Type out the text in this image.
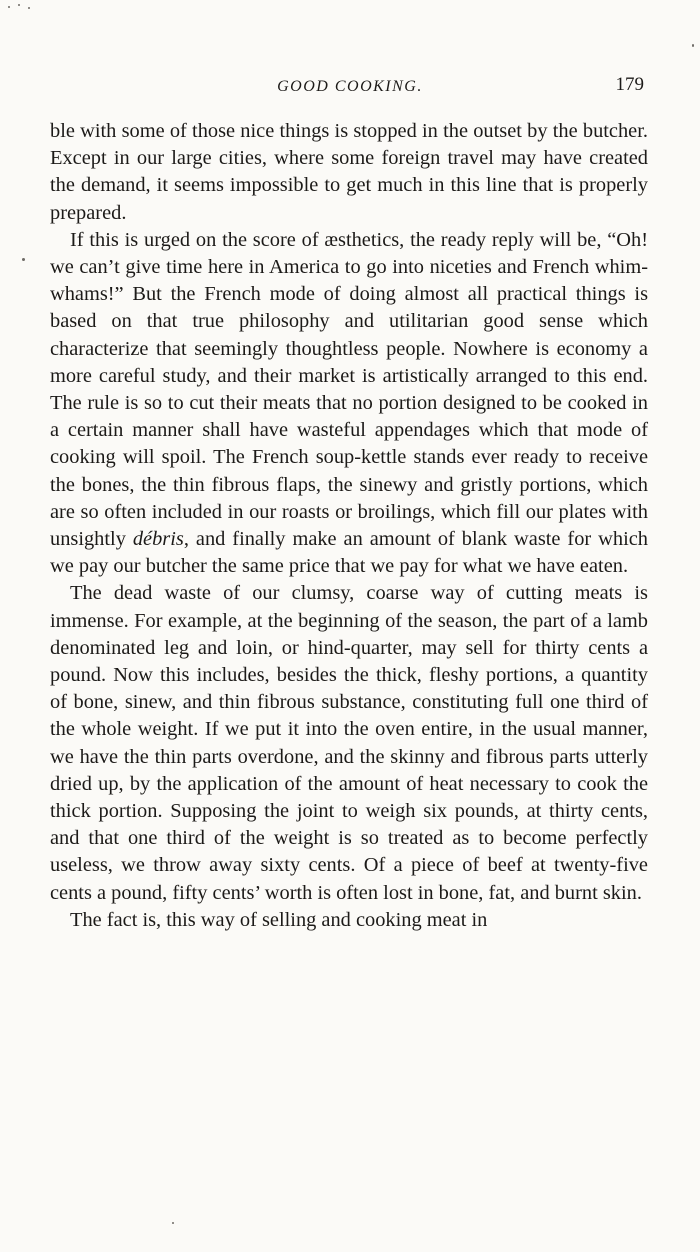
GOOD COOKING.	179

ble with some of those nice things is stopped in the outset by the butcher. Except in our large cities, where some foreign travel may have created the demand, it seems impossible to get much in this line that is properly prepared.

If this is urged on the score of æsthetics, the ready reply will be, “Oh! we can’t give time here in America to go into niceties and French whim-whams!” But the French mode of doing almost all practical things is based on that true philosophy and utilitarian good sense which characterize that seemingly thoughtless people. Nowhere is economy a more careful study, and their market is artistically arranged to this end. The rule is so to cut their meats that no portion designed to be cooked in a certain manner shall have wasteful appendages which that mode of cooking will spoil. The French soup-kettle stands ever ready to receive the bones, the thin fibrous flaps, the sinewy and gristly portions, which are so often included in our roasts or broilings, which fill our plates with unsightly débris, and finally make an amount of blank waste for which we pay our butcher the same price that we pay for what we have eaten.

The dead waste of our clumsy, coarse way of cutting meats is immense. For example, at the beginning of the season, the part of a lamb denominated leg and loin, or hind-quarter, may sell for thirty cents a pound. Now this includes, besides the thick, fleshy portions, a quantity of bone, sinew, and thin fibrous substance, constituting full one third of the whole weight. If we put it into the oven entire, in the usual manner, we have the thin parts overdone, and the skinny and fibrous parts utterly dried up, by the application of the amount of heat necessary to cook the thick portion. Supposing the joint to weigh six pounds, at thirty cents, and that one third of the weight is so treated as to become perfectly useless, we throw away sixty cents. Of a piece of beef at twenty-five cents a pound, fifty cents’ worth is often lost in bone, fat, and burnt skin.

The fact is, this way of selling and cooking meat in
